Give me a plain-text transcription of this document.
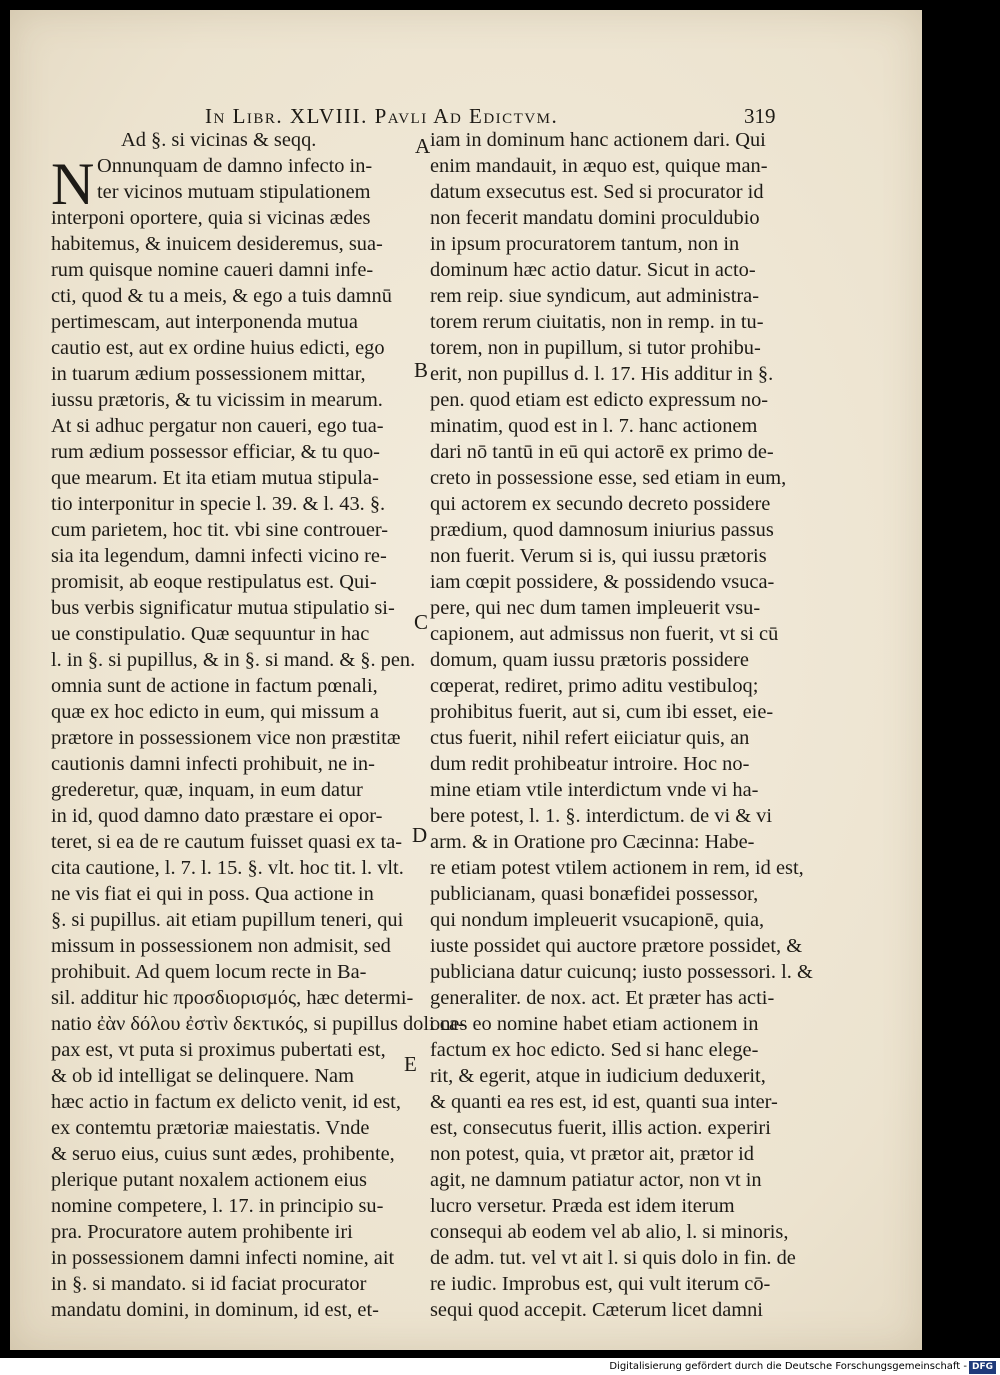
In Libr. XLVIII. Pavli Ad Edictvm.	319
N
A
B
C
D
E
Ad §. si vicinas & seqq.
Onnunquam de damno infecto in-
ter vicinos mutuam stipulationem
interponi oportere, quia si vicinas ædes
habitemus, & inuicem desideremus, sua-
rum quisque nomine caueri damni infe-
cti, quod & tu a meis, & ego a tuis damnū
pertimescam, aut interponenda mutua
cautio est, aut ex ordine huius edicti, ego
in tuarum ædium possessionem mittar,
iussu prætoris, & tu vicissim in mearum.
At si adhuc pergatur non caueri, ego tua-
rum ædium possessor efficiar, & tu quo-
que mearum. Et ita etiam mutua stipula-
tio interponitur in specie l. 39. & l. 43. §.
cum parietem, hoc tit. vbi sine controuer-
sia ita legendum, damni infecti vicino re-
promisit, ab eoque restipulatus est. Qui-
bus verbis significatur mutua stipulatio si-
ue constipulatio. Quæ sequuntur in hac
l. in §. si pupillus, & in §. si mand. & §. pen.
omnia sunt de actione in factum pœnali,
quæ ex hoc edicto in eum, qui missum a
prætore in possessionem vice non præstitæ
cautionis damni infecti prohibuit, ne in-
grederetur, quæ, inquam, in eum datur
in id, quod damno dato præstare ei opor-
teret, si ea de re cautum fuisset quasi ex ta-
cita cautione, l. 7. l. 15. §. vlt. hoc tit. l. vlt.
ne vis fiat ei qui in poss. Qua actione in
§. si pupillus. ait etiam pupillum teneri, qui
missum in possessionem non admisit, sed
prohibuit. Ad quem locum recte in Ba-
sil. additur hic προσδιορισμός, hæc determi-
natio ἐὰν δόλου ἐστὶν δεκτικός, si pupillus doli ca-
pax est, vt puta si proximus pubertati est,
& ob id intelligat se delinquere. Nam
hæc actio in factum ex delicto venit, id est,
ex contemtu prætoriæ maiestatis. Vnde
& seruo eius, cuius sunt ædes, prohibente,
plerique putant noxalem actionem eius
nomine competere, l. 17. in principio su-
pra. Procuratore autem prohibente iri
in possessionem damni infecti nomine, ait
in §. si mandato. si id faciat procurator
mandatu domini, in dominum, id est, et-
iam in dominum hanc actionem dari. Qui
enim mandauit, in æquo est, quique man-
datum exsecutus est. Sed si procurator id
non fecerit mandatu domini proculdubio
in ipsum procuratorem tantum, non in
dominum hæc actio datur. Sicut in acto-
rem reip. siue syndicum, aut administra-
torem rerum ciuitatis, non in remp. in tu-
torem, non in pupillum, si tutor prohibu-
erit, non pupillus d. l. 17. His additur in §.
pen. quod etiam est edicto expressum no-
minatim, quod est in l. 7. hanc actionem
dari nō tantū in eū qui actorē ex primo de-
creto in possessione esse, sed etiam in eum,
qui actorem ex secundo decreto possidere
prædium, quod damnosum iniurius passus
non fuerit. Verum si is, qui iussu prætoris
iam cœpit possidere, & possidendo vsuca-
pere, qui nec dum tamen impleuerit vsu-
capionem, aut admissus non fuerit, vt si cū
domum, quam iussu prætoris possidere
cœperat, rediret, primo aditu vestibuloq;
prohibitus fuerit, aut si, cum ibi esset, eie-
ctus fuerit, nihil refert eiiciatur quis, an
dum redit prohibeatur introire. Hoc no-
mine etiam vtile interdictum vnde vi ha-
bere potest, l. 1. §. interdictum. de vi & vi
arm. & in Oratione pro Cæcinna: Habe-
re etiam potest vtilem actionem in rem, id est,
publicianam, quasi bonæfidei possessor,
qui nondum impleuerit vsucapionē, quia,
iuste possidet qui auctore prætore possidet, &
publiciana datur cuicunq; iusto possessori. l. &
generaliter. de nox. act. Et præter has acti-
ones eo nomine habet etiam actionem in
factum ex hoc edicto. Sed si hanc elege-
rit, & egerit, atque in iudicium deduxerit,
& quanti ea res est, id est, quanti sua inter-
est, consecutus fuerit, illis action. experiri
non potest, quia, vt prætor ait, prætor id
agit, ne damnum patiatur actor, non vt in
lucro versetur. Præda est idem iterum
consequi ab eodem vel ab alio, l. si minoris,
de adm. tut. vel vt ait l. si quis dolo in fin. de
re iudic. Improbus est, qui vult iterum cō-
sequi quod accepit. Cæterum licet damni
Digitalisierung gefördert durch die Deutsche Forschungsgemeinschaft - DFG
